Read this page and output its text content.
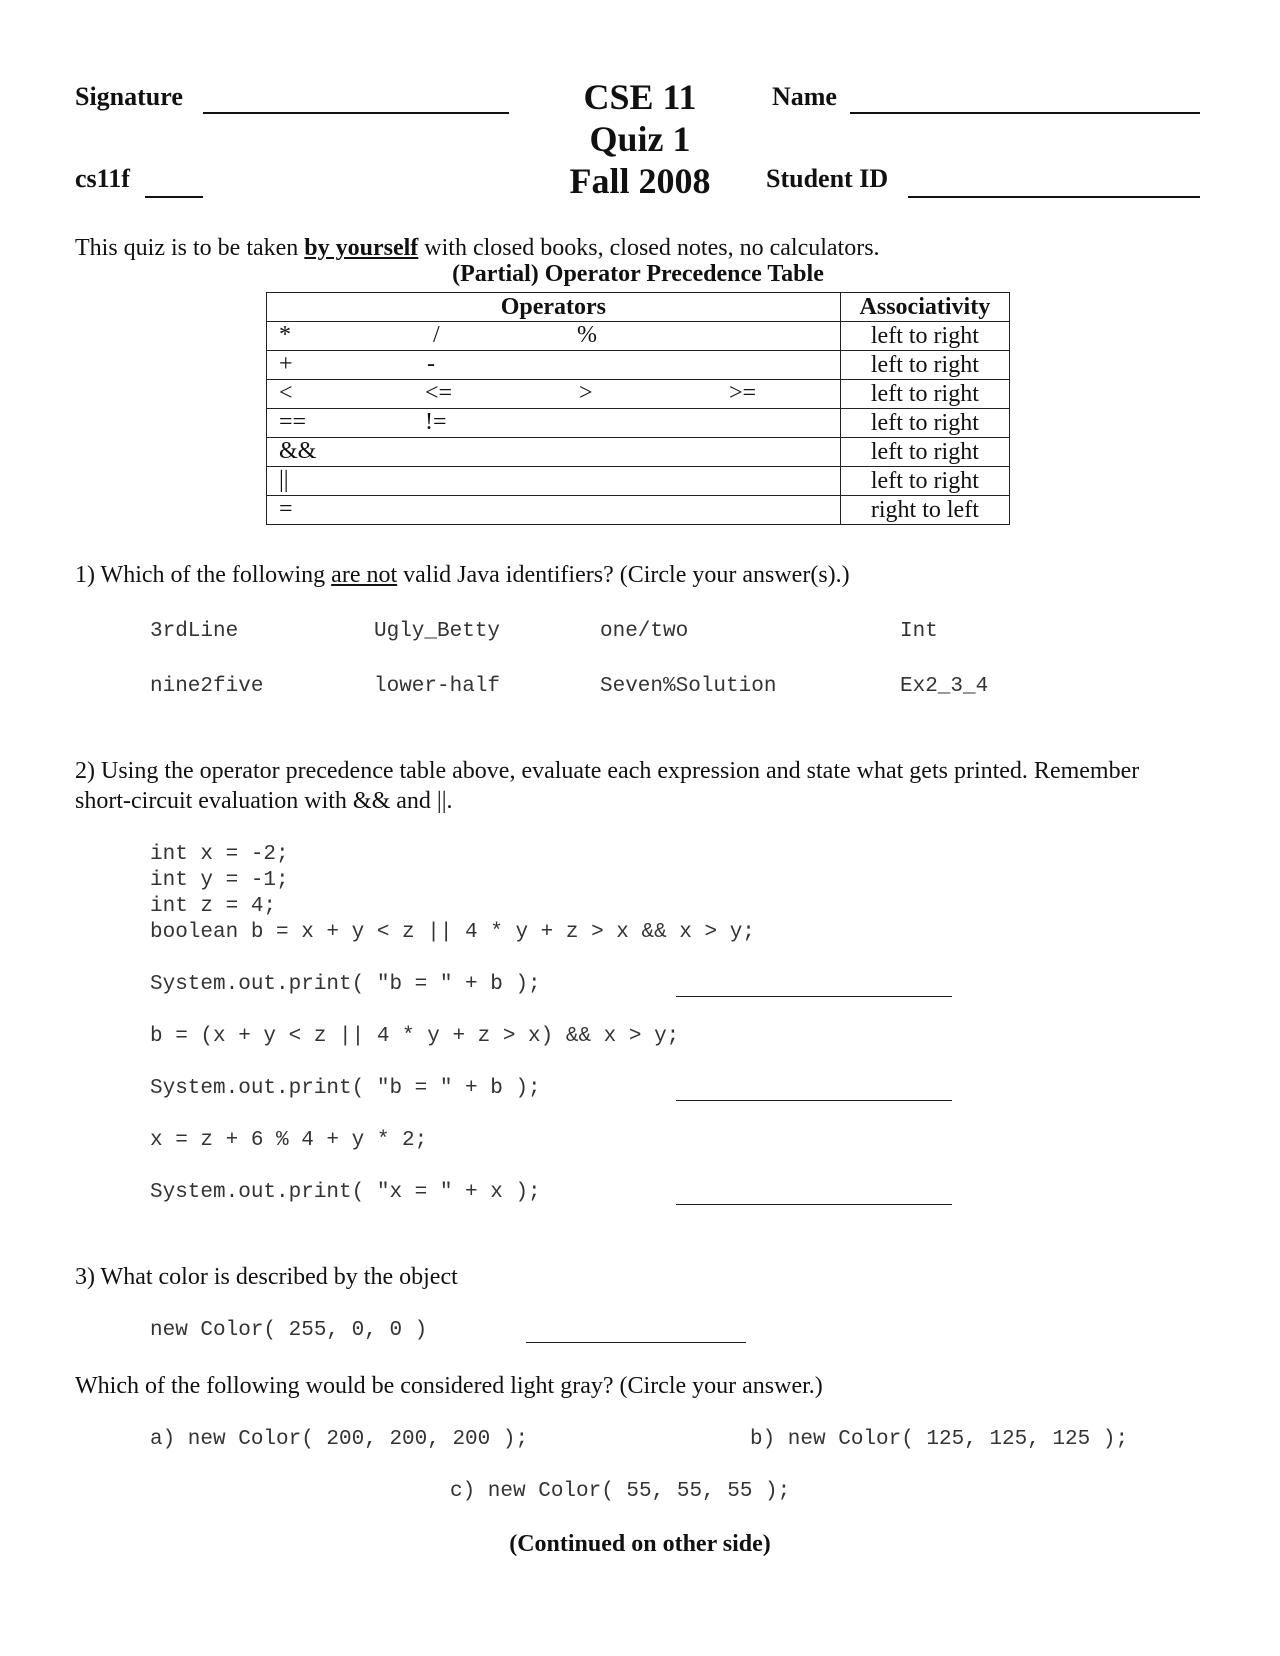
Signature	CSE 11
Quiz 1
Fall 2008
Name
cs11f	Student ID
This quiz is to be taken by yourself with closed books, closed notes, no calculators.
(Partial) Operator Precedence Table
Operators	Associativity

* / %	left to right

+ -	left to right

< <= > >=	left to right

== !=	left to right

&&	left to right

||	left to right

=	right to left
1) Which of the following are not valid Java identifiers? (Circle your answer(s).)
3rdLine	Ugly_Betty	one/two	Int
nine2five	lower-half	Seven%Solution	Ex2_3_4
2) Using the operator precedence table above, evaluate each expression and state what gets printed. Remember
short-circuit evaluation with && and ||.
int x = -2;
int y = -1;
int z = 4;
boolean b = x + y < z || 4 * y + z > x && x > y;
System.out.print( "b = " + b );
b = (x + y < z || 4 * y + z > x) && x > y;
System.out.print( "b = " + b );
x = z + 6 % 4 + y * 2;
System.out.print( "x = " + x );
3) What color is described by the object
new Color( 255, 0, 0 )
Which of the following would be considered light gray? (Circle your answer.)
a) new Color( 200, 200, 200 );	b) new Color( 125, 125, 125 );
c) new Color( 55, 55, 55 );
(Continued on other side)
